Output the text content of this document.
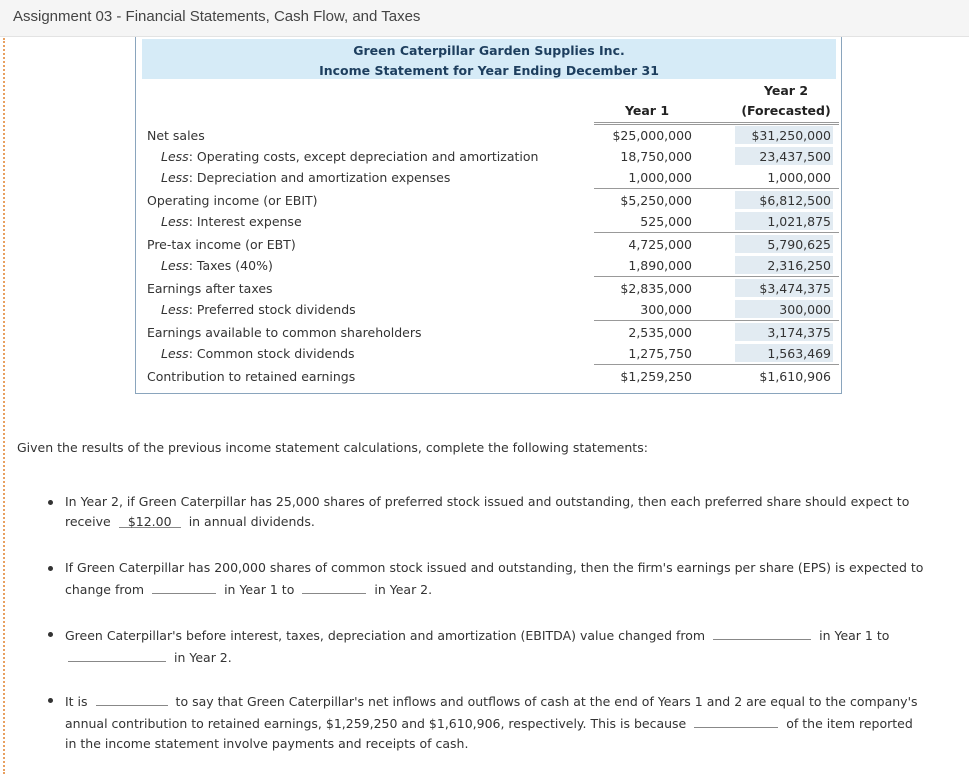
Assignment 03 - Financial Statements, Cash Flow, and Taxes
Green Caterpillar Garden Supplies Inc.
Income Statement for Year Ending December 31
Year 1
Year 2
(Forecasted)
Net sales	$25,000,000	$31,250,000
Less: Operating costs, except depreciation and amortization	18,750,000	23,437,500
Less: Depreciation and amortization expenses	1,000,000	1,000,000
Operating income (or EBIT)	$5,250,000	$6,812,500
Less: Interest expense	525,000	1,021,875
Pre-tax income (or EBT)	4,725,000	5,790,625
Less: Taxes (40%)	1,890,000	2,316,250
Earnings after taxes	$2,835,000	$3,474,375
Less: Preferred stock dividends	300,000	300,000
Earnings available to common shareholders	2,535,000	3,174,375
Less: Common stock dividends	1,275,750	1,563,469
Contribution to retained earnings	$1,259,250	$1,610,906
Given the results of the previous income statement calculations, complete the following statements:
In Year 2, if Green Caterpillar has 25,000 shares of preferred stock issued and outstanding, then each preferred share should expect to receive $12.00 in annual dividends.
If Green Caterpillar has 200,000 shares of common stock issued and outstanding, then the firm's earnings per share (EPS) is expected to change from	in Year 1 to	in Year 2.
Green Caterpillar's before interest, taxes, depreciation and amortization (EBITDA) value changed from	in Year 1 to
in Year 2.
It is	to say that Green Caterpillar's net inflows and outflows of cash at the end of Years 1 and 2 are equal to the company's annual contribution to retained earnings, $1,259,250 and $1,610,906, respectively. This is because	of the item reported in the income statement involve payments and receipts of cash.
